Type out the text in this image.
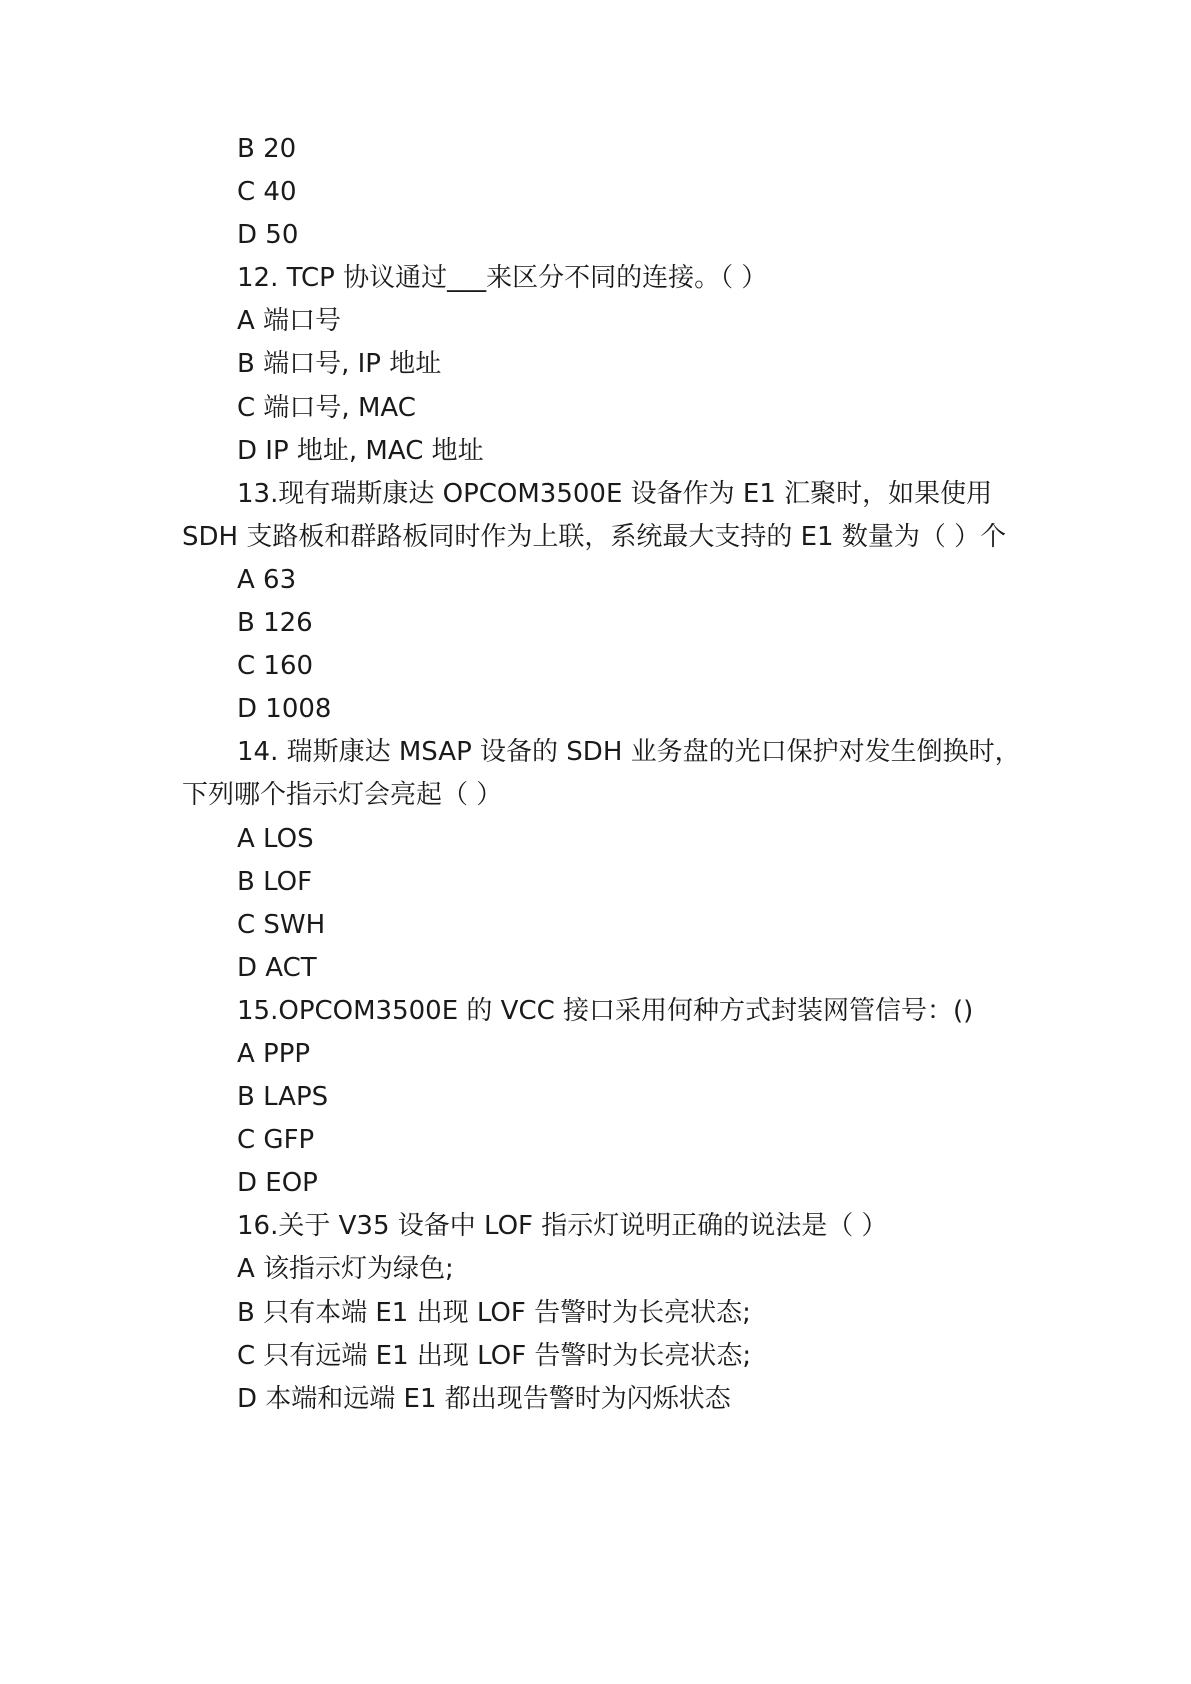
B 20
C 40
D 50
12. TCP 协议通过___来区分不同的连接。（ ）
A 端口号
B 端口号, IP 地址
C 端口号, MAC
D IP 地址, MAC 地址
13.现有瑞斯康达 OPCOM3500E 设备作为 E1 汇聚时，如果使用
SDH 支路板和群路板同时作为上联，系统最大支持的 E1 数量为（ ）个
A 63
B 126
C 160
D 1008
14. 瑞斯康达 MSAP 设备的 SDH 业务盘的光口保护对发生倒换时，
下列哪个指示灯会亮起（ ）
A LOS
B LOF
C SWH
D ACT
15.OPCOM3500E 的 VCC 接口采用何种方式封装网管信号：()
A PPP
B LAPS
C GFP
D EOP
16.关于 V35 设备中 LOF 指示灯说明正确的说法是（ ）
A 该指示灯为绿色;
B 只有本端 E1 出现 LOF 告警时为长亮状态;
C 只有远端 E1 出现 LOF 告警时为长亮状态;
D 本端和远端 E1 都出现告警时为闪烁状态
